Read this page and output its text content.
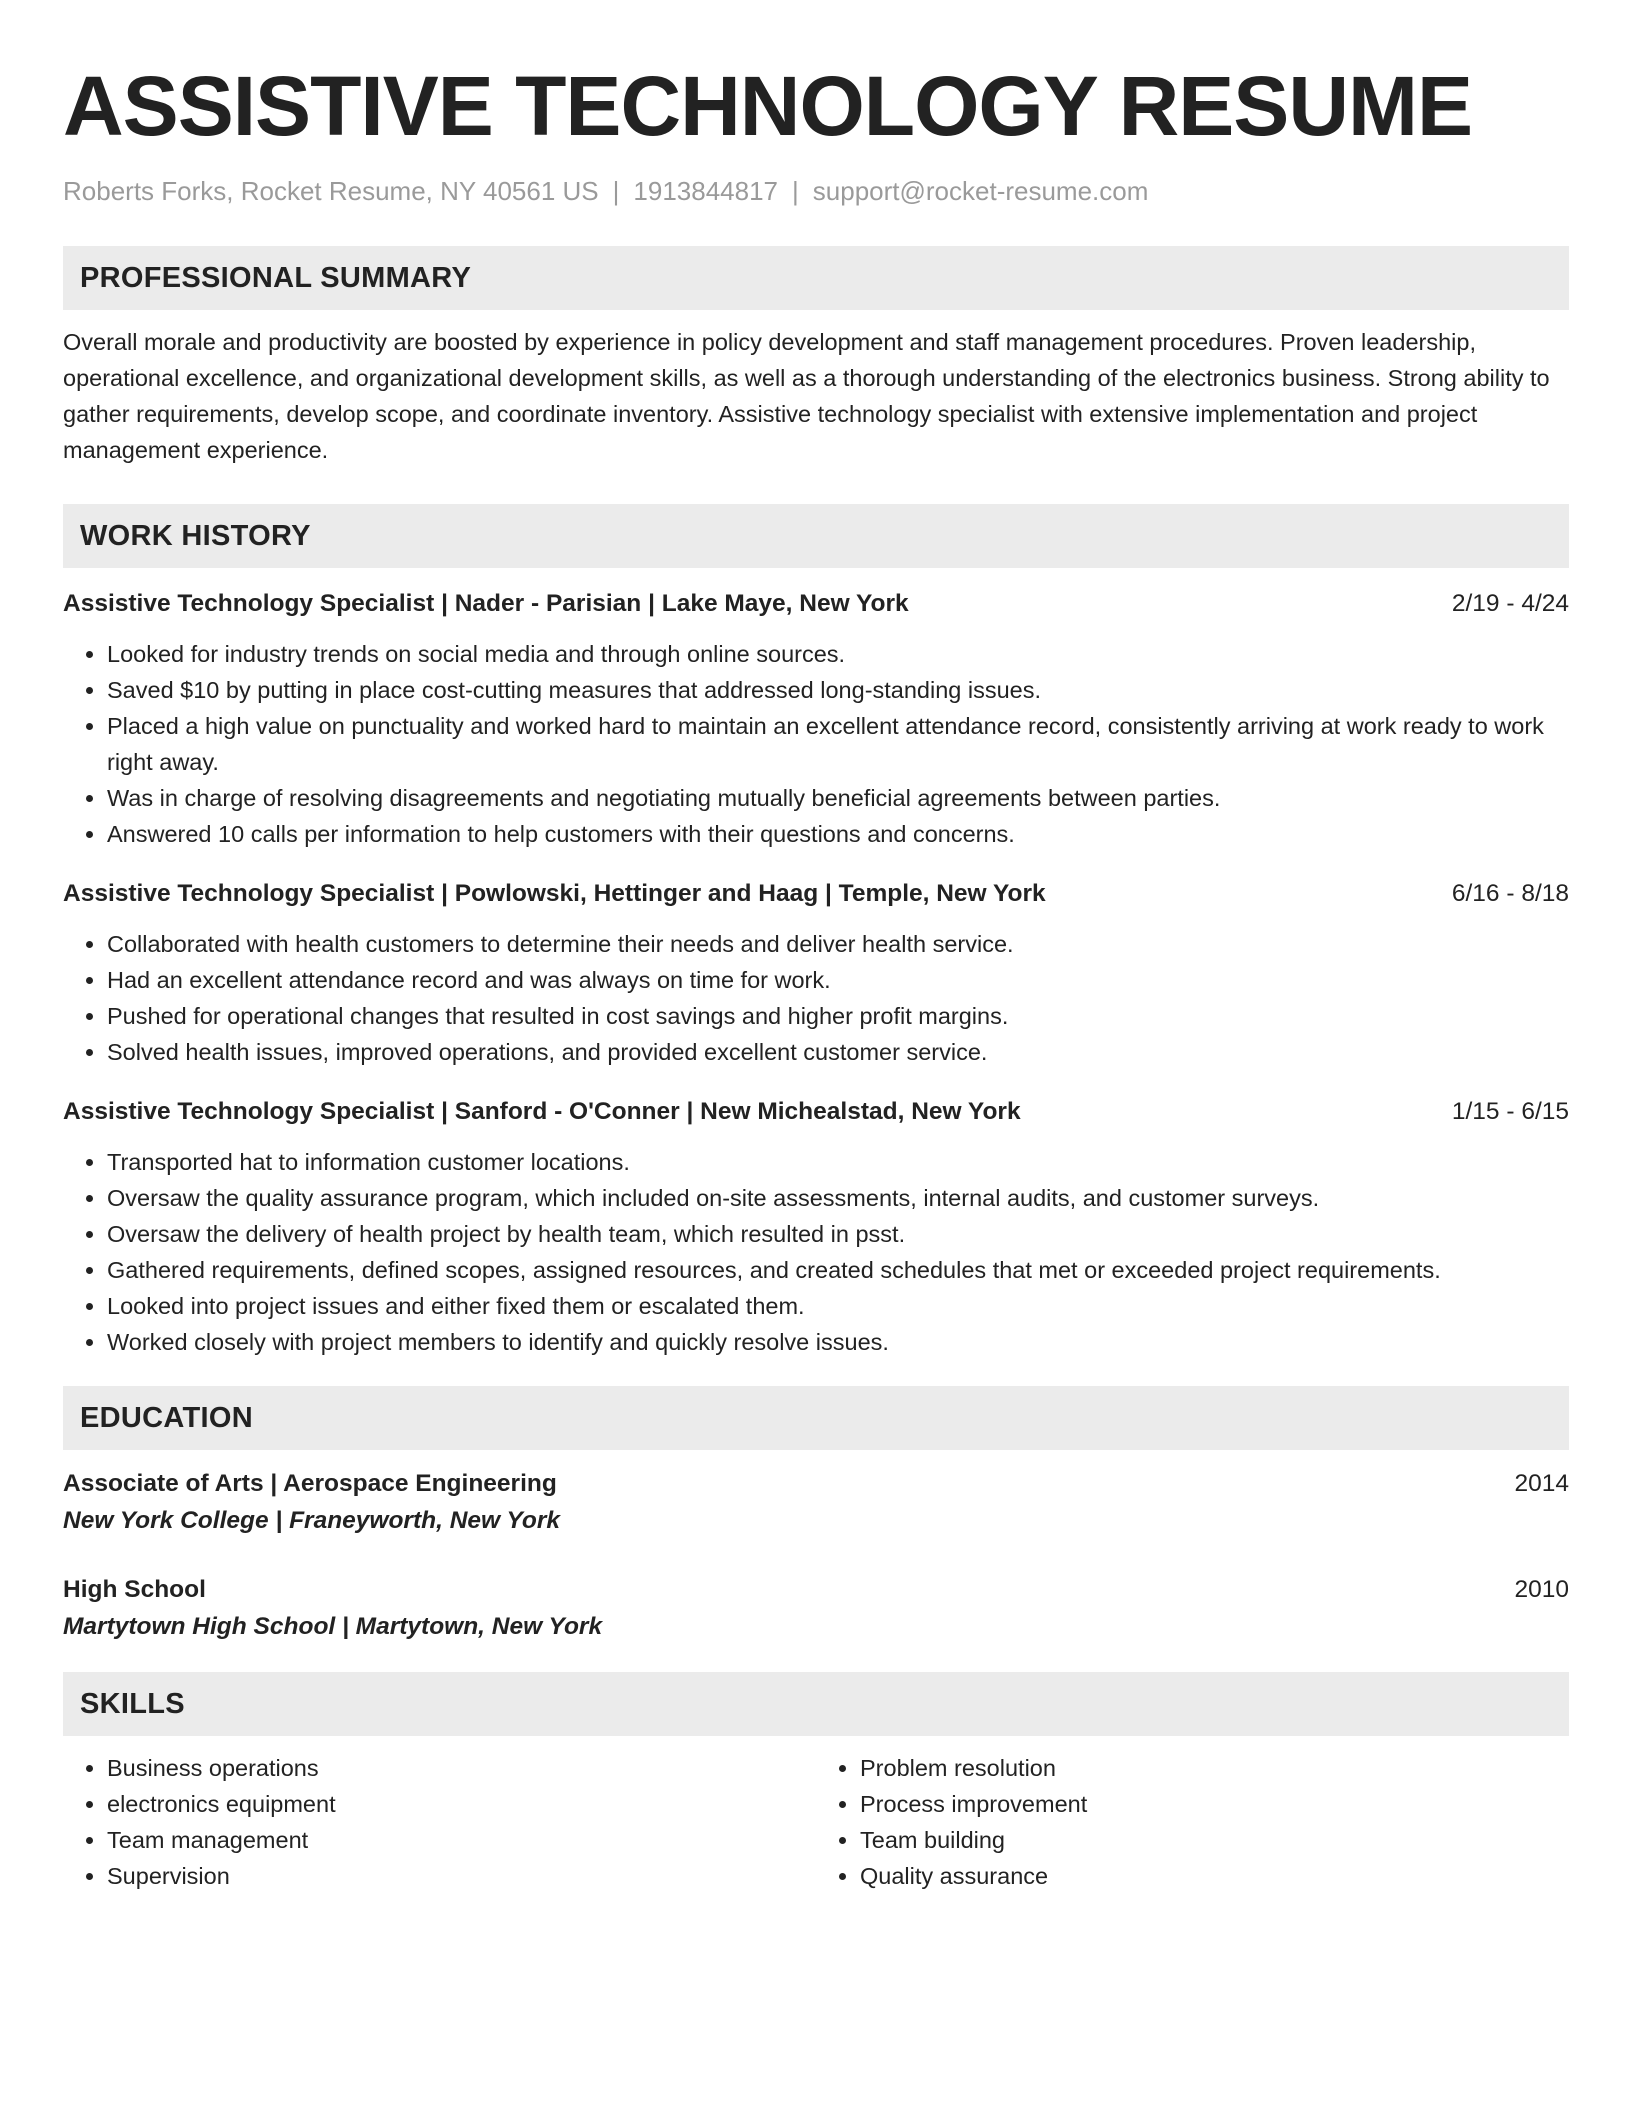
ASSISTIVE TECHNOLOGY RESUME
Roberts Forks, Rocket Resume, NY 40561 US | 1913844817 | support@rocket-resume.com
PROFESSIONAL SUMMARY

Overall morale and productivity are boosted by experience in policy development and staff management procedures. Proven leadership, operational excellence, and organizational development skills, as well as a thorough understanding of the electronics business. Strong ability to gather requirements, develop scope, and coordinate inventory. Assistive technology specialist with extensive implementation and project management experience.

WORK HISTORY
Assistive Technology Specialist | Nader - Parisian | Lake Maye, New York	2/19 - 4/24
• Looked for industry trends on social media and through online sources.
• Saved $10 by putting in place cost-cutting measures that addressed long-standing issues.
• Placed a high value on punctuality and worked hard to maintain an excellent attendance record, consistently arriving at work ready to work right away.
• Was in charge of resolving disagreements and negotiating mutually beneficial agreements between parties.
• Answered 10 calls per information to help customers with their questions and concerns.
Assistive Technology Specialist | Powlowski, Hettinger and Haag | Temple, New York	6/16 - 8/18
• Collaborated with health customers to determine their needs and deliver health service.
• Had an excellent attendance record and was always on time for work.
• Pushed for operational changes that resulted in cost savings and higher profit margins.
• Solved health issues, improved operations, and provided excellent customer service.
Assistive Technology Specialist | Sanford - O'Conner | New Michealstad, New York	1/15 - 6/15
• Transported hat to information customer locations.
• Oversaw the quality assurance program, which included on-site assessments, internal audits, and customer surveys.
• Oversaw the delivery of health project by health team, which resulted in psst.
• Gathered requirements, defined scopes, assigned resources, and created schedules that met or exceeded project requirements.
• Looked into project issues and either fixed them or escalated them.
• Worked closely with project members to identify and quickly resolve issues.
EDUCATION
Associate of Arts | Aerospace Engineering	2014
New York College | Franeyworth, New York
High School	2010
Martytown High School | Martytown, New York
SKILLS
• Business operations
• electronics equipment
• Team management
• Supervision
• Problem resolution
• Process improvement
• Team building
• Quality assurance
